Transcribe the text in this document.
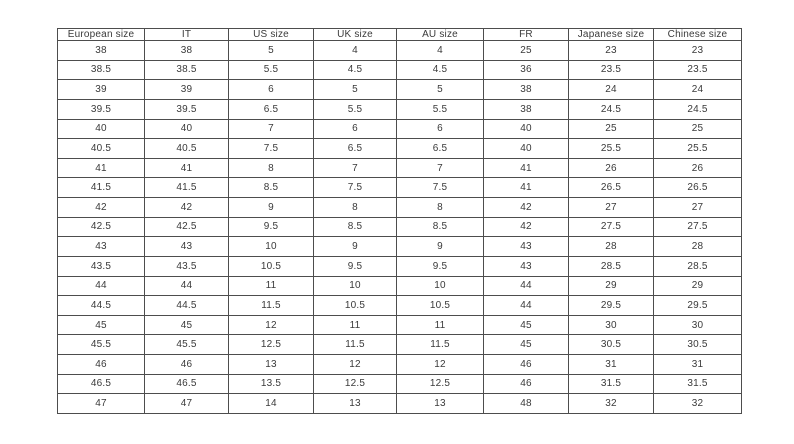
European size	IT	US size	UK size	AU size	FR	Japanese size	Chinese size
38	38	5	4	4	25	23	23
38.5	38.5	5.5	4.5	4.5	36	23.5	23.5
39	39	6	5	5	38	24	24
39.5	39.5	6.5	5.5	5.5	38	24.5	24.5
40	40	7	6	6	40	25	25
40.5	40.5	7.5	6.5	6.5	40	25.5	25.5
41	41	8	7	7	41	26	26
41.5	41.5	8.5	7.5	7.5	41	26.5	26.5
42	42	9	8	8	42	27	27
42.5	42.5	9.5	8.5	8.5	42	27.5	27.5
43	43	10	9	9	43	28	28
43.5	43.5	10.5	9.5	9.5	43	28.5	28.5
44	44	11	10	10	44	29	29
44.5	44.5	11.5	10.5	10.5	44	29.5	29.5
45	45	12	11	11	45	30	30
45.5	45.5	12.5	11.5	11.5	45	30.5	30.5
46	46	13	12	12	46	31	31
46.5	46.5	13.5	12.5	12.5	46	31.5	31.5
47	47	14	13	13	48	32	32
